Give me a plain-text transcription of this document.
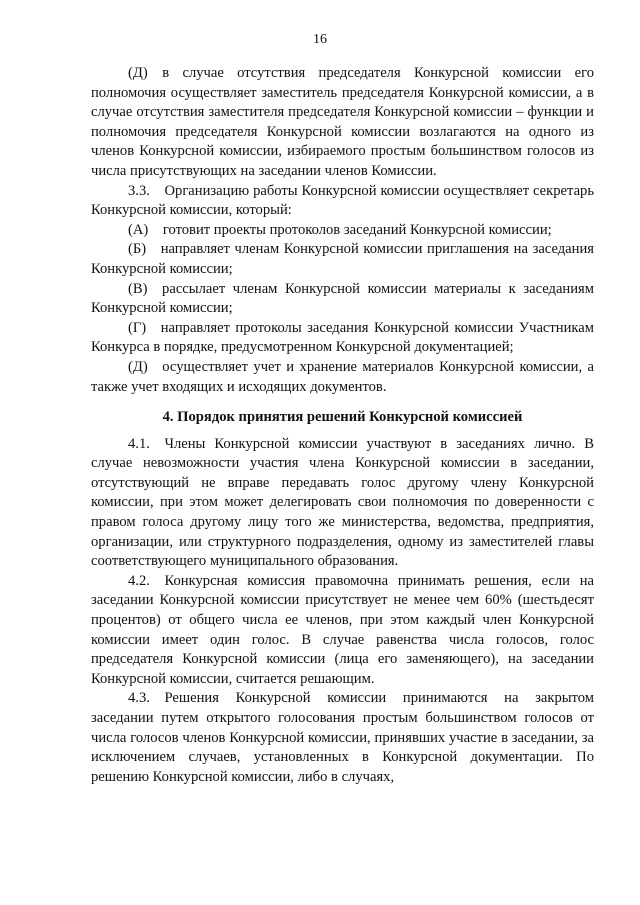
16

(Д) в случае отсутствия председателя Конкурсной комиссии его полномочия осуществляет заместитель председателя Конкурсной комиссии, а в случае отсутствия заместителя председателя Конкурсной комиссии – функции и полномочия председателя Конкурсной комиссии возлагаются на одного из членов Конкурсной комиссии, избираемого простым большинством голосов из числа присутствующих на заседании членов Комиссии.

3.3. Организацию работы Конкурсной комиссии осуществляет секретарь Конкурсной комиссии, который:

(А) готовит проекты протоколов заседаний Конкурсной комиссии;

(Б) направляет членам Конкурсной комиссии приглашения на заседания Конкурсной комиссии;

(В) рассылает членам Конкурсной комиссии материалы к заседаниям Конкурсной комиссии;

(Г) направляет протоколы заседания Конкурсной комиссии Участникам Конкурса в порядке, предусмотренном Конкурсной документацией;

(Д) осуществляет учет и хранение материалов Конкурсной комиссии, а также учет входящих и исходящих документов.

4. Порядок принятия решений Конкурсной комиссией

4.1. Члены Конкурсной комиссии участвуют в заседаниях лично. В случае невозможности участия члена Конкурсной комиссии в заседании, отсутствующий не вправе передавать голос другому члену Конкурсной комиссии, при этом может делегировать свои полномочия по доверенности с правом голоса другому лицу того же министерства, ведомства, предприятия, организации, или структурного подразделения, одному из заместителей главы соответствующего муниципального образования.

4.2. Конкурсная комиссия правомочна принимать решения, если на заседании Конкурсной комиссии присутствует не менее чем 60% (шестьдесят процентов) от общего числа ее членов, при этом каждый член Конкурсной комиссии имеет один голос. В случае равенства числа голосов, голос председателя Конкурсной комиссии (лица его заменяющего), на заседании Конкурсной комиссии, считается решающим.

4.3. Решения Конкурсной комиссии принимаются на закрытом заседании путем открытого голосования простым большинством голосов от числа голосов членов Конкурсной комиссии, принявших участие в заседании, за исключением случаев, установленных в Конкурсной документации. По решению Конкурсной комиссии, либо в случаях,
